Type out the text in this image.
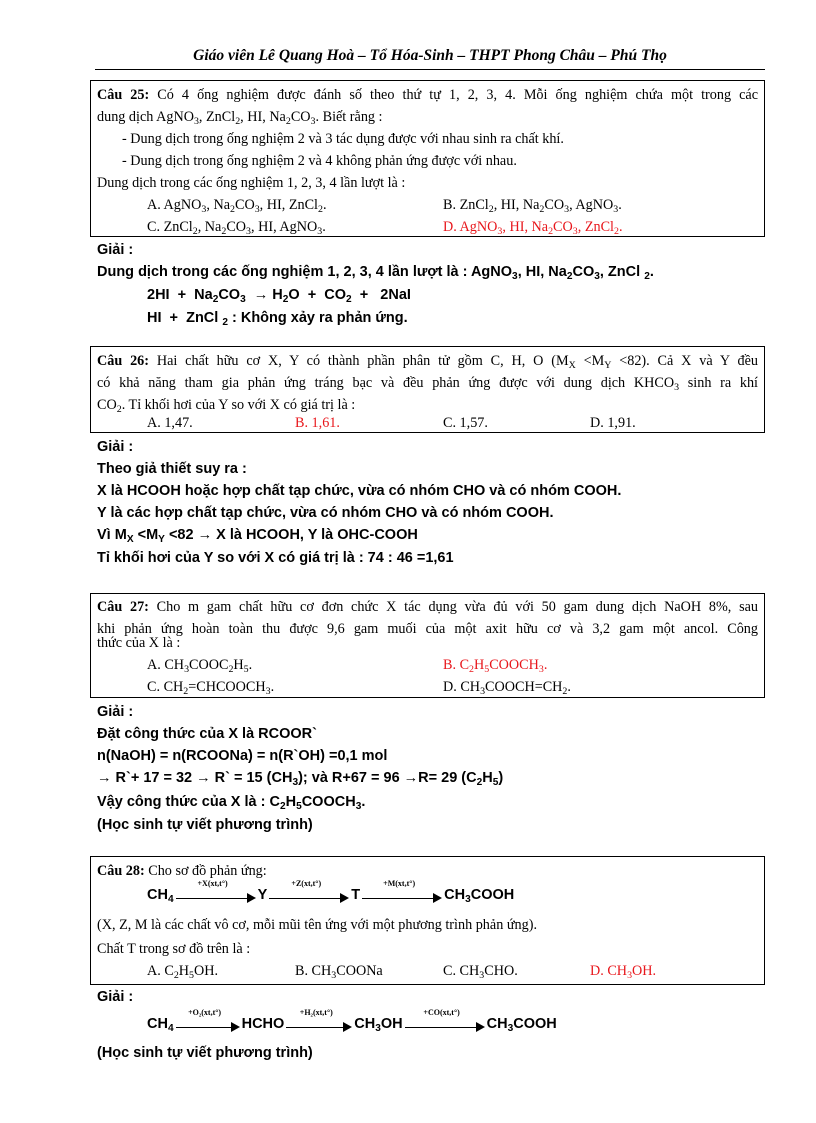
Giáo viên Lê Quang Hoà – Tổ Hóa-Sinh – THPT Phong Châu – Phú Thọ
Câu 25: Có 4 ống nghiệm được đánh số theo thứ tự 1, 2, 3, 4. Mỗi ống nghiệm chứa một trong các
dung dịch AgNO$_3$, ZnCl$_2$, HI, $Na_2CO_3$. Biết rằng :
- Dung dịch trong ống nghiệm 2 và 3 tác dụng được với nhau sinh ra chất khí.
- Dung dịch trong ống nghiệm 2 và 4 không phản ứng được với nhau.
Dung dịch trong các ống nghiệm 1, 2, 3, 4 lần lượt là :
A. AgNO$_3$, $Na_2CO_3$, HI, ZnCl$_2$.	B. ZnCl$_2$, HI, $Na_2CO_3$, AgNO$_3$.
C. ZnCl$_2$, $Na_2CO_3$, HI, AgNO$_3$.	D. AgNO$_3$, HI, $Na_2CO_3$, ZnCl$_2$.
Giải :
Dung dịch trong các ống nghiệm 1, 2, 3, 4 lần lượt là : AgNO$_3$, HI, $Na_2CO_3$, ZnCl $_2$.
$2HI + Na_2CO_3 \to H_2O + CO_2 + 2NaI$
HI  +  ZnCl $_2$ : Không xảy ra phản ứng.
Câu 26: Hai chất hữu cơ X, Y có thành phần phân tử gồm C, H, O $(M_X <M_Y <82)$. Cả X và Y đều
có khả năng tham gia phản ứng tráng bạc và đều phản ứng được với dung dịch $KHCO_3$ sinh ra khí
$CO_2$. Tỉ khối hơi của Y so với X có giá trị là :
A. 1,47.	B. 1,61.	C. 1,57.	D. 1,91.
Giải :
Theo giả thiết suy ra :
X là HCOOH hoặc hợp chất tạp chức, vừa có nhóm CHO và có nhóm COOH.
Y là các hợp chất tạp chức, vừa có nhóm CHO và có nhóm COOH.
Vì $M_X <M_Y <82 \to X$ là HCOOH, Y là OHC-COOH
Tỉ khối hơi của Y so với X có giá trị là : 74 : 46 =1,61
Câu 27: Cho m gam chất hữu cơ đơn chức X tác dụng vừa đủ với 50 gam dung dịch NaOH 8%, sau
khi phản ứng hoàn toàn thu được 9,6 gam muối của một axit hữu cơ và 3,2 gam một ancol. Công
thức của X là :
A. $CH_3COOC_2H_5$.	B. $C_2H_5COOCH_3$.
C. $CH_2=CHCOOCH_3$.	D. $CH_3COOCH=CH_2$.
Giải :
Đặt công thức của X là RCOOR`
n(NaOH) = n(RCOONa) = n(R`OH) =0,1 mol
→ R`+ 17 = 32 → R` = 15 $(CH_3)$; và R+67 = 96 →R= 29 $(C_2H_5)$
Vậy công thức của X là : $C_2H_5COOCH_3$.
(Học sinh tự viết phương trình)
Câu 28: Cho sơ đồ phản ứng:
$CH_4$
+X(xt,t°)
Y
+Z(xt,t°)
T
+M(xt,t°)
$CH_3COOH$
(X, Z, M là các chất vô cơ, mỗi mũi tên ứng với một phương trình phản ứng).
Chất T trong sơ đồ trên là :
A. $C_2H_5OH$.	B. $CH_3COONa$	C. $CH_3CHO$.	D. $CH_3OH$.
Giải :
$CH_4$
+O₂(xt,t°)
HCHO
+H₂(xt,t°)
$CH_3OH$
+CO(xt,t°)
$CH_3COOH$
(Học sinh tự viết phương trình)
